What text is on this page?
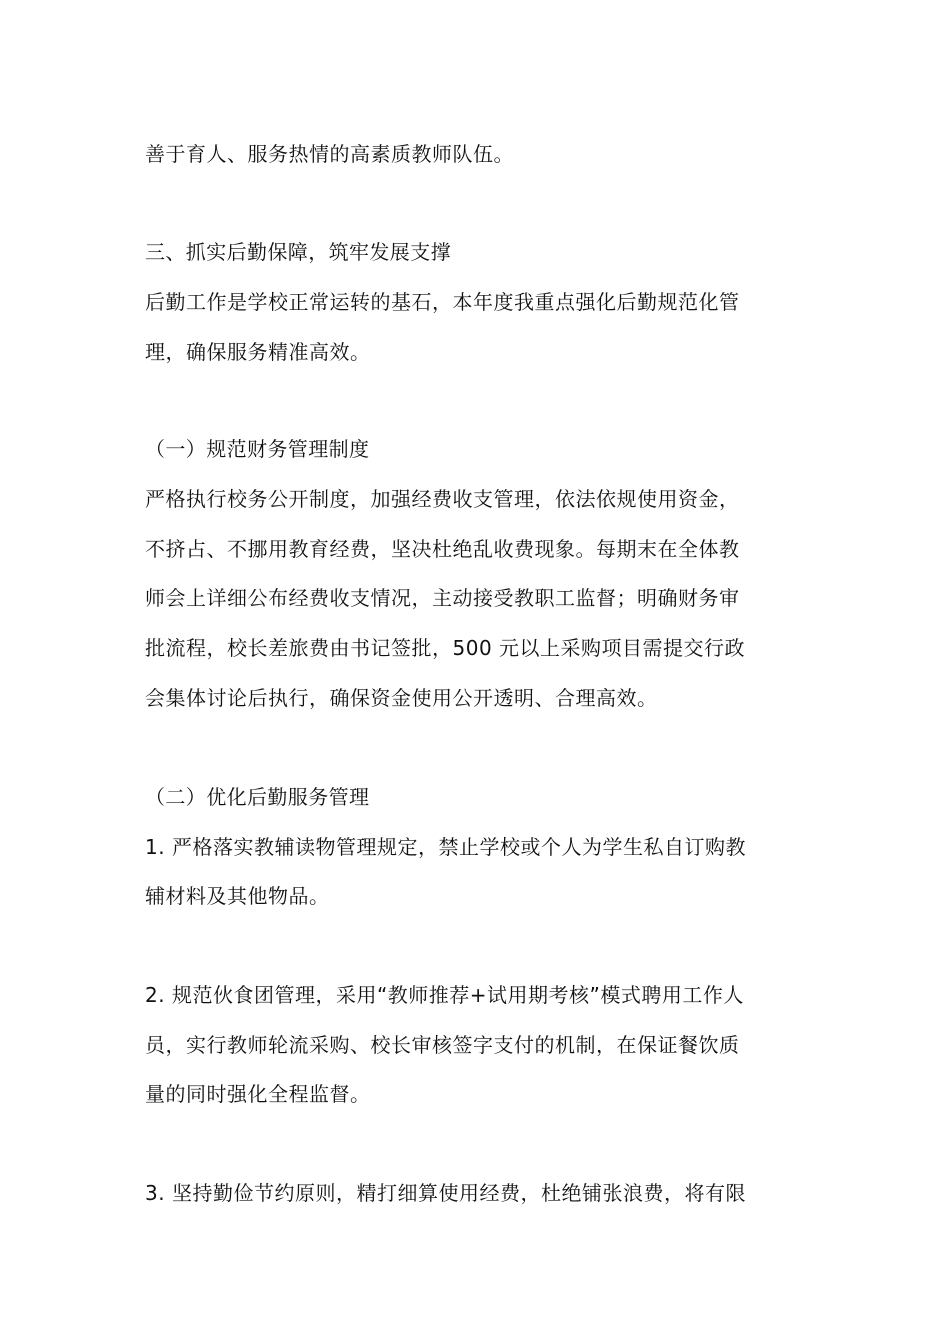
善于育人、服务热情的高素质教师队伍。
三、抓实后勤保障，筑牢发展支撑
后勤工作是学校正常运转的基石，本年度我重点强化后勤规范化管
理，确保服务精准高效。
（一）规范财务管理制度
严格执行校务公开制度，加强经费收支管理，依法依规使用资金，
不挤占、不挪用教育经费，坚决杜绝乱收费现象。每期末在全体教
师会上详细公布经费收支情况，主动接受教职工监督；明确财务审
批流程，校长差旅费由书记签批，500 元以上采购项目需提交行政
会集体讨论后执行，确保资金使用公开透明、合理高效。
（二）优化后勤服务管理
1. 严格落实教辅读物管理规定，禁止学校或个人为学生私自订购教
辅材料及其他物品。
2. 规范伙食团管理，采用“教师推荐+试用期考核”模式聘用工作人
员，实行教师轮流采购、校长审核签字支付的机制，在保证餐饮质
量的同时强化全程监督。
3. 坚持勤俭节约原则，精打细算使用经费，杜绝铺张浪费，将有限
